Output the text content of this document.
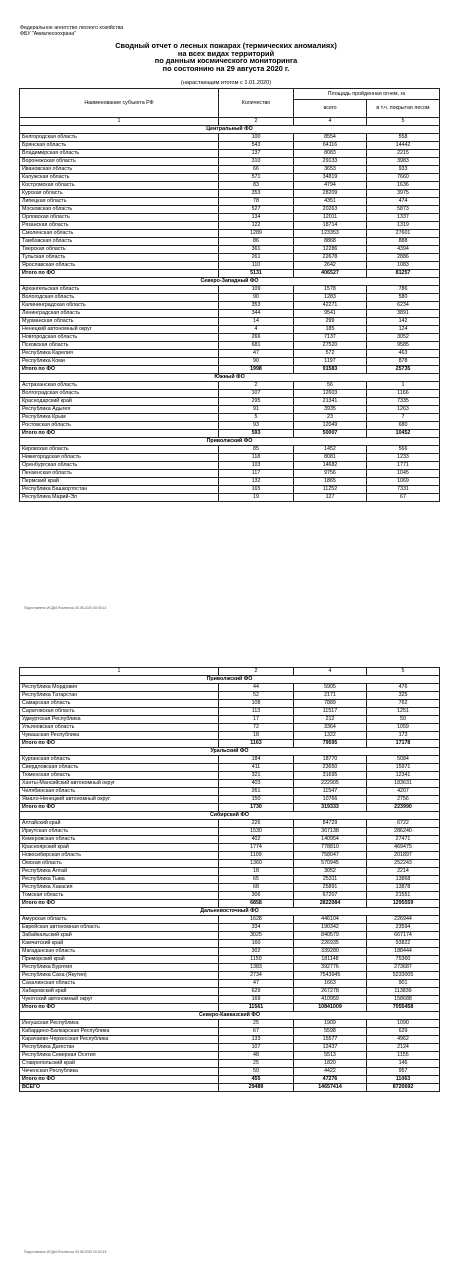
Федеральное агентство лесного хозяйства
ФБУ "Авиалесоохрана"
Сводный отчет о лесных пожарах (термических аномалиях)
на всех видах территорий
по данным космического мониторинга
по состоянию на 29 августа 2020 г.
(нарастающим итогом с 1.01.2020)
Наименование субъекта РФ	Количество	Площадь пройденная огнем, га	
		всего	в т.ч. покрытая лесом
1	2	4	5
Центральный ФО			
Белгородская область	100	8554	558
Брянская область	543	64116	14442
Владимирская область	137	8083	2215
Воронежская область	310	29133	3983
Ивановская область	66	3653	933
Калужская область	571	34819	7660
Костромская область	83	4794	1636
Курская область	353	28209	3975
Липецкая область	78	4351	474
Московская область	527	20263	5873
Орловская область	134	12011	1337
Рязанская область	122	18714	1319
Смоленская область	1289	123353	27601
Тамбовская область	86	8868	888
Тверская область	361	12286	4394
Тульская область	261	22678	2886
Ярославская область	110	2642	1083
Итого по ФО	5131	406527	81257
Северо-Западный ФО			
Архангельская область	109	1578	786
Вологодская область	90	1283	580
Калининградская область	353	42271	6234
Ленинградская область	344	9541	3891
Мурманская область	14	299	142
Ненецкий автономный округ	4	185	124
Новгородская область	266	7137	3052
Псковская область	681	27520	9585
Республика Карелия	47	572	463
Республика Коми	90	1197	878
Итого по ФО	1998	91583	25735
Южный ФО			
Астраханская область	2	56	1
Волгоградская область	107	12603	1166
Краснодарский край	295	21341	7335
Республика Адыгея	91	3935	1263
Республика Крым	5	23	7
Ростовская область	93	12049	680
Итого по ФО	593	50007	10452
Приволжский ФО			
Кировская область	85	1452	566
Нижегородская область	118	8081	1233
Оренбургская область	103	14682	1771
Пензенская область	117	9756	1045
Пермский край	132	1865	1069
Республика Башкортостан	165	11252	7331
Республика Марий-Эл	19	127	67
Подготовлено ИСДМ-Рослесхоз 30.08.2020 00:00:13
1	2	4	5
Приволжский ФО			
Республика Мордовия	44	5905	476
Республика Татарстан	52	2171	325
Самарская область	108	7889	762
Саратовская область	113	11517	1251
Удмуртская Республика	17	212	50
Ульяновская область	72	3364	1059
Чувашская Республика	18	1322	173
Итого по ФО	1163	79595	17178
Уральский ФО			
Курганская область	184	18770	5084
Свердловская область	411	23650	15971
Тюменская область	321	31695	12341
Ханты-Мансийский автономный округ	403	222905	183631
Челябинская область	261	11547	4207
Ямало-Ненецкий автономный округ	150	10766	2756
Итого по ФО	1730	319333	223990
Сибирский ФО			
Алтайский край	226	84729	6722
Иркутская область	1530	367138	286240
Кемеровская область	402	140954	27471
Красноярский край	1774	778810	469475
Новосибирская область	1109	758047	201897
Омская область	1360	570945	252243
Республика Алтай	18	3052	2214
Республика Тыва	65	25311	13868
Республика Хакасия	68	25891	13878
Томская область	306	67207	21551
Итого по ФО	6858	2822084	1295559
Дальневосточный ФО			
Амурская область	1628	446104	226944
Еврейская автономная область	334	190342	23594
Забайкальский край	3025	840579	667174
Камчатский край	160	226935	93822
Магаданская область	302	339280	188444
Приморский край	1150	181148	75360
Республика Бурятия	1383	392776	273687
Республика Саха (Якутия)	2734	7543945	5233005
Сахалинская область	47	1663	901
Хабаровский край	629	267278	113839
Чукотский автономный округ	169	410959	158688
Итого по ФО	11561	10841009	7055458
Северо-Кавказский ФО			
Ингушская Республика	25	1909	1090
Кабардино-Балкарская Республика	67	5598	629
Карачаево-Черкесская Республика	133	15577	4962
Республика Дагестан	107	12437	2124
Республика Северная Осетия	48	5513	1155
Ставропольский край	25	1820	146
Чеченская Республика	50	4422	957
Итого по ФО	455	47276	11063
ВСЕГО	29489	14657414	8720692
Подготовлено ИСДМ-Рослесхоз 30.08.2020 00:00:13
